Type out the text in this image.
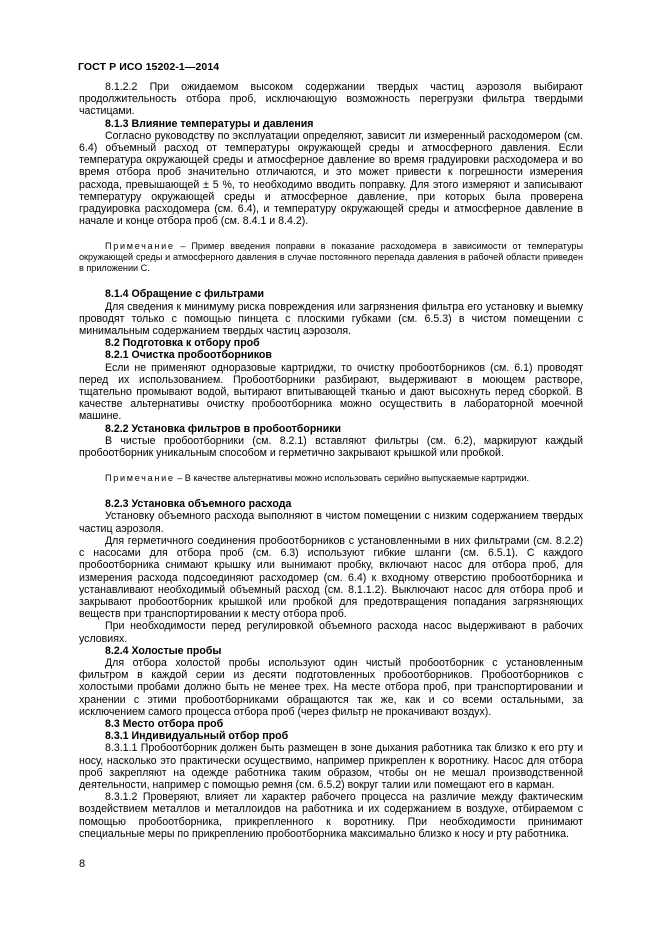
ГОСТ Р ИСО 15202-1—2014

8.1.2.2 При ожидаемом высоком содержании твердых частиц аэрозоля выбирают продолжительность отбора проб, исключающую возможность перегрузки фильтра твердыми частицами.

8.1.3 Влияние температуры и давления

Согласно руководству по эксплуатации определяют, зависит ли измеренный расходомером (см. 6.4) объемный расход от температуры окружающей среды и атмосферного давления. Если температура окружающей среды и атмосферное давление во время градуировки расходомера и во время отбора проб значительно отличаются, и это может привести к погрешности измерения расхода, превышающей ± 5 %, то необходимо вводить поправку. Для этого измеряют и записывают температуру окружающей среды и атмосферное давление, при которых была проверена градуировка расходомера (см. 6.4), и температуру окружающей среды и атмосферное давление в начале и конце отбора проб (см. 8.4.1 и 8.4.2).

Примечание – Пример введения поправки в показание расходомера в зависимости от температуры окружающей среды и атмосферного давления в случае постоянного перепада давления в рабочей области приведен в приложении С.

8.1.4 Обращение с фильтрами

Для сведения к минимуму риска повреждения или загрязнения фильтра его установку и выемку проводят только с помощью пинцета с плоскими губками (см. 6.5.3) в чистом помещении с минимальным содержанием твердых частиц аэрозоля.

8.2 Подготовка к отбору проб

8.2.1 Очистка пробоотборников

Если не применяют одноразовые картриджи, то очистку пробоотборников (см. 6.1) проводят перед их использованием. Пробоотборники разбирают, выдерживают в моющем растворе, тщательно промывают водой, вытирают впитывающей тканью и дают высохнуть перед сборкой. В качестве альтернативы очистку пробоотборника можно осуществить в лабораторной моечной машине.

8.2.2 Установка фильтров в пробоотборники

В чистые пробоотборники (см. 8.2.1) вставляют фильтры (см. 6.2), маркируют каждый пробоотборник уникальным способом и герметично закрывают крышкой или пробкой.

Примечание – В качестве альтернативы можно использовать серийно выпускаемые картриджи.

8.2.3 Установка объемного расхода

Установку объемного расхода выполняют в чистом помещении с низким содержанием твердых частиц аэрозоля.

Для герметичного соединения пробоотборников с установленными в них фильтрами (см. 8.2.2) с насосами для отбора проб (см. 6.3) используют гибкие шланги (см. 6.5.1). С каждого пробоотборника снимают крышку или вынимают пробку, включают насос для отбора проб, для измерения расхода подсоединяют расходомер (см. 6.4) к входному отверстию пробоотборника и устанавливают необходимый объемный расход (см. 8.1.1.2). Выключают насос для отбора проб и закрывают пробоотборник крышкой или пробкой для предотвращения попадания загрязняющих веществ при транспортировании к месту отбора проб.

При необходимости перед регулировкой объемного расхода насос выдерживают в рабочих условиях.

8.2.4 Холостые пробы

Для отбора холостой пробы используют один чистый пробоотборник с установленным фильтром в каждой серии из десяти подготовленных пробоотборников. Пробоотборников с холостыми пробами должно быть не менее трех. На месте отбора проб, при транспортировании и хранении с этими пробоотборниками обращаются так же, как и со всеми остальными, за исключением самого процесса отбора проб (через фильтр не прокачивают воздух).

8.3 Место отбора проб

8.3.1 Индивидуальный отбор проб

8.3.1.1 Пробоотборник должен быть размещен в зоне дыхания работника так близко к его рту и носу, насколько это практически осуществимо, например прикреплен к воротнику. Насос для отбора проб закрепляют на одежде работника таким образом, чтобы он не мешал производственной деятельности, например с помощью ремня (см. 6.5.2) вокруг талии или помещают его в карман.

8.3.1.2 Проверяют, влияет ли характер рабочего процесса на различие между фактическим воздействием металлов и металлоидов на работника и их содержанием в воздухе, отбираемом с помощью пробоотборника, прикрепленного к воротнику. При необходимости принимают специальные меры по прикреплению пробоотборника максимально близко к носу и рту работника.

8
